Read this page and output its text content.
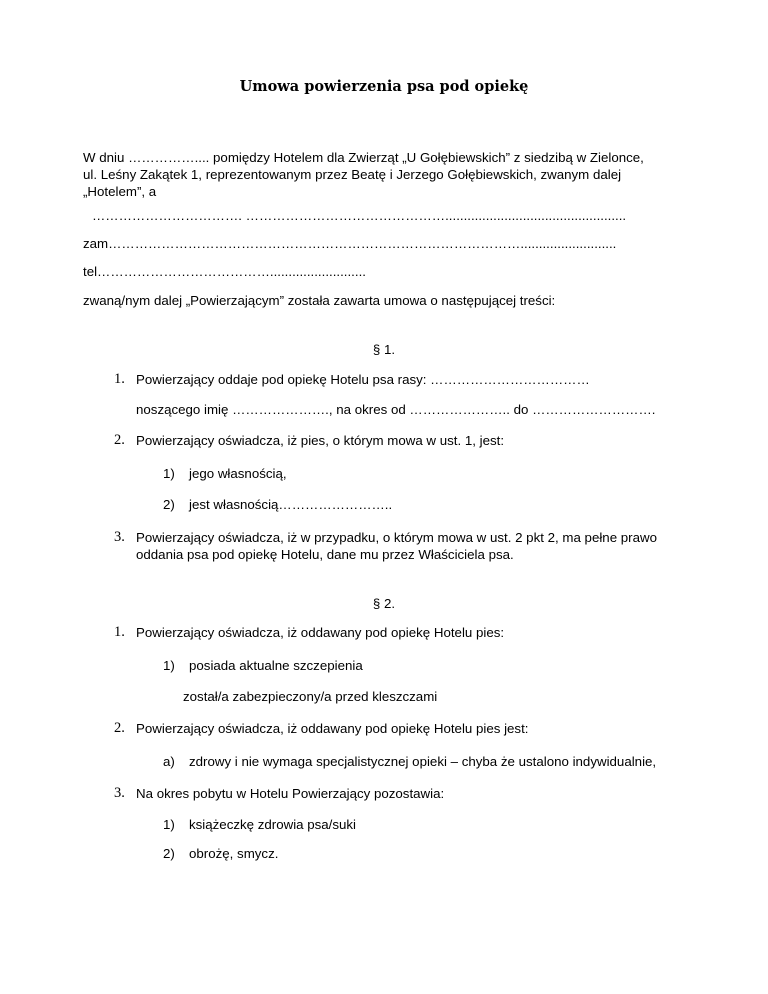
Umowa powierzenia psa pod opiekę
W dniu …………….... pomiędzy Hotelem dla Zwierząt „U Gołębiewskich” z siedzibą w Zielonce,
ul. Leśny Zakątek 1, reprezentowanym przez Beatę i Jerzego Gołębiewskich, zwanym dalej
„Hotelem”, a
……………………………. ……………………………………….................................................
zam…………………………………………………………………………………..........................
tel…………………………………..........................
zwaną/nym dalej „Powierzającym” została zawarta umowa o następującej treści:
§ 1.
1. Powierzający oddaje pod opiekę Hotelu psa rasy: ………………………………
noszącego imię …………………., na okres od ………………….. do ……………………….
2. Powierzający oświadcza, iż pies, o którym mowa w ust. 1, jest:
1) jego własnością,
2) jest własnością……………………..
3. Powierzający oświadcza, iż w przypadku, o którym mowa w ust. 2 pkt 2, ma pełne prawo
oddania psa pod opiekę Hotelu, dane mu przez Właściciela psa.
§ 2.
1. Powierzający oświadcza, iż oddawany pod opiekę Hotelu pies:
1) posiada aktualne szczepienia
został/a zabezpieczony/a przed kleszczami
2. Powierzający oświadcza, iż oddawany pod opiekę Hotelu pies jest:
a) zdrowy i nie wymaga specjalistycznej opieki – chyba że ustalono indywidualnie,
3. Na okres pobytu w Hotelu Powierzający pozostawia:
1) książeczkę zdrowia psa/suki
2) obrożę, smycz.
